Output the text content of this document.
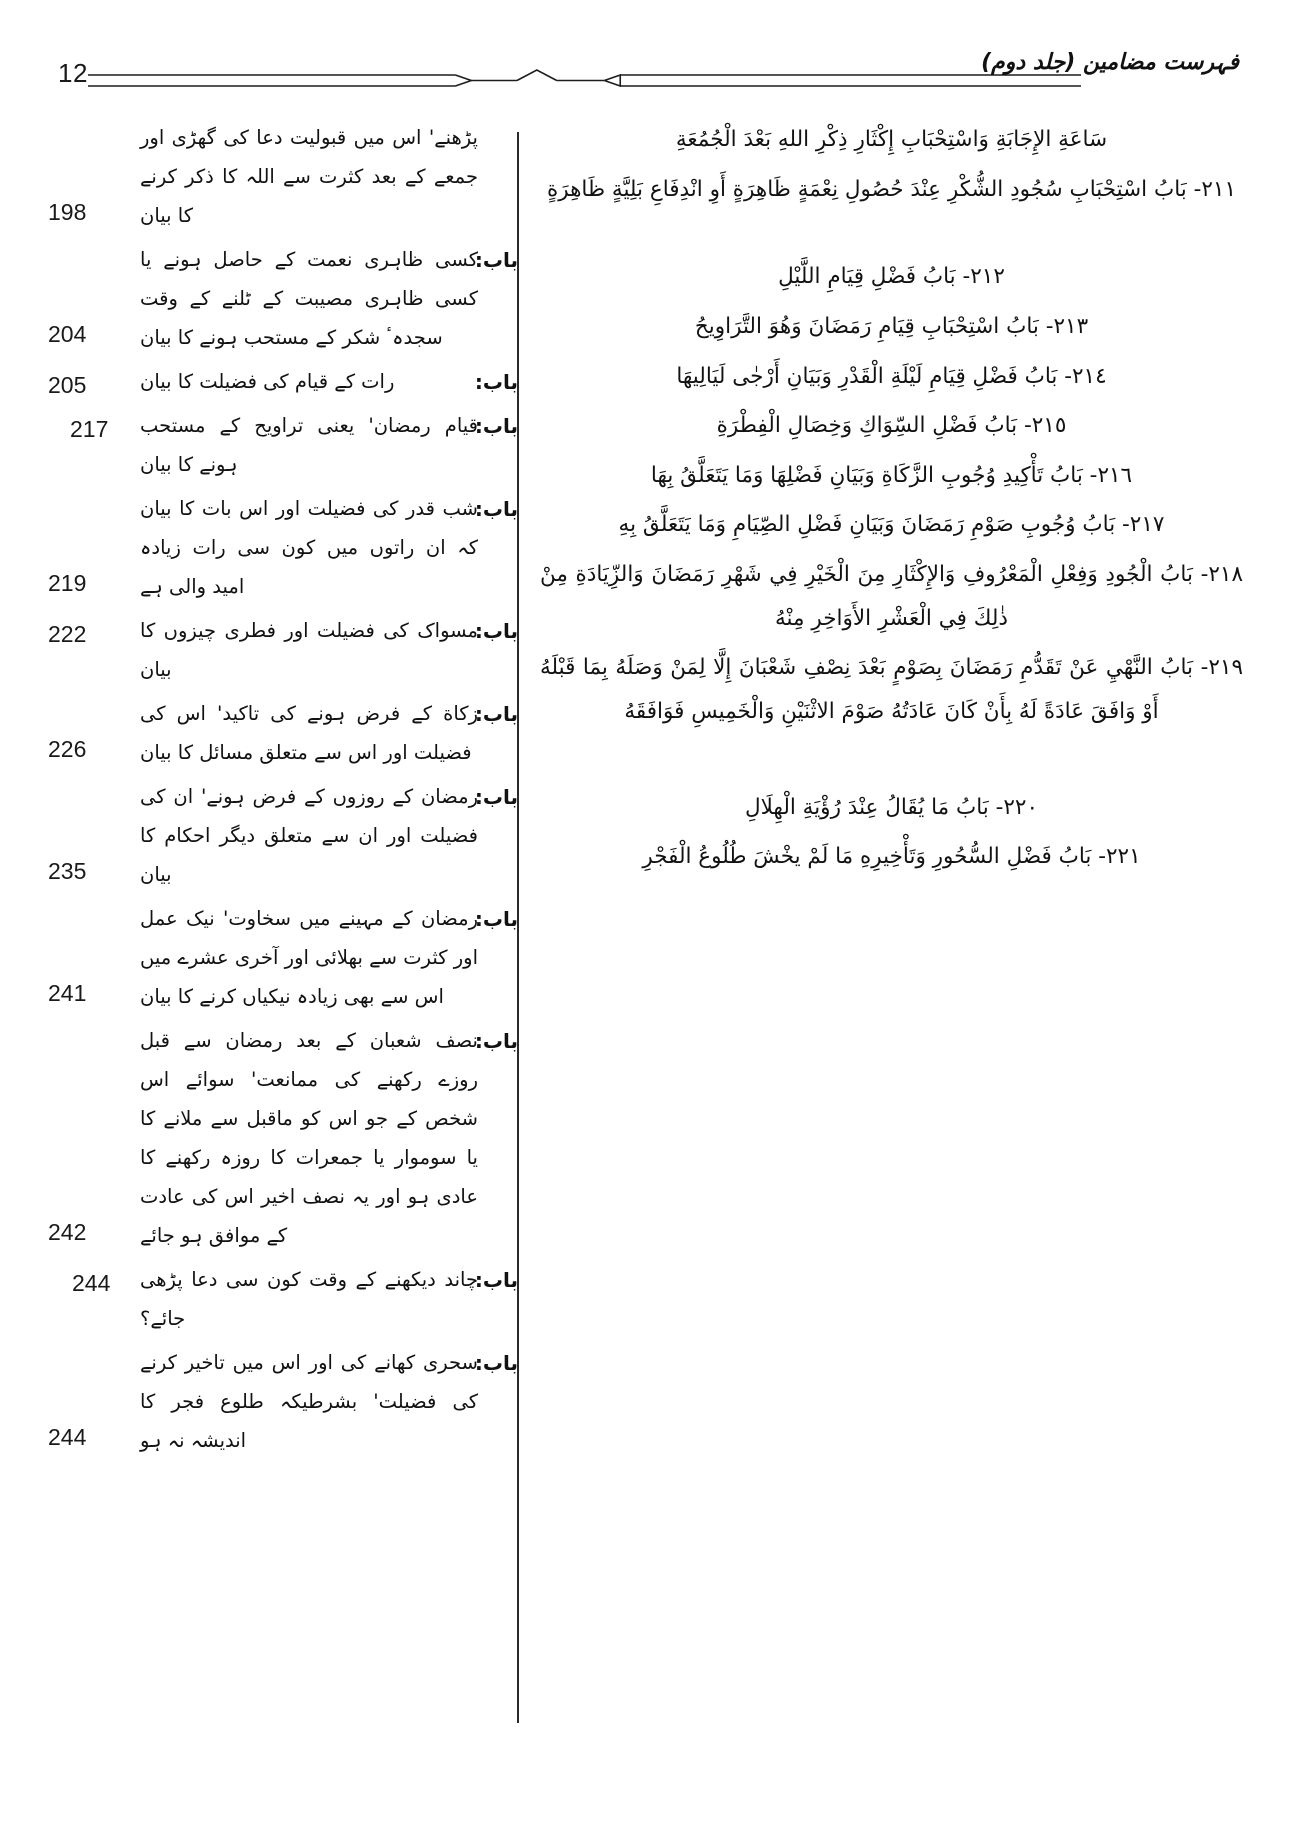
12	فہرست مضامین (جلد دوم)

سَاعَةِ الإِجَابَةِ وَاسْتِحْبَابِ إِكْثَارِ ذِكْرِ اللهِ بَعْدَ الْجُمُعَةِ

٢١١- بَابُ اسْتِحْبَابِ سُجُودِ الشُّكْرِ عِنْدَ حُصُولِ نِعْمَةٍ ظَاهِرَةٍ أَوِ انْدِفَاعِ بَلِيَّةٍ ظَاهِرَةٍ

٢١٢- بَابُ فَضْلِ قِيَامِ اللَّيْلِ

٢١٣- بَابُ اسْتِحْبَابِ قِيَامِ رَمَضَانَ وَهُوَ التَّرَاوِيحُ

٢١٤- بَابُ فَضْلِ قِيَامِ لَيْلَةِ الْقَدْرِ وَبَيَانِ أَرْجٰى لَيَالِيهَا

٢١٥- بَابُ فَضْلِ السِّوَاكِ وَخِصَالِ الْفِطْرَةِ

٢١٦- بَابُ تَأْكِيدِ وُجُوبِ الزَّكَاةِ وَبَيَانِ فَضْلِهَا وَمَا يَتَعَلَّقُ بِهَا

٢١٧- بَابُ وُجُوبِ صَوْمِ رَمَضَانَ وَبَيَانِ فَضْلِ الصِّيَامِ وَمَا يَتَعَلَّقُ بِهِ

٢١٨- بَابُ الْجُودِ وَفِعْلِ الْمَعْرُوفِ وَالإِكْثَارِ مِنَ الْخَيْرِ فِي شَهْرِ رَمَضَانَ وَالزِّيَادَةِ مِنْ ذٰلِكَ فِي الْعَشْرِ الأَوَاخِرِ مِنْهُ

٢١٩- بَابُ النَّهْيِ عَنْ تَقَدُّمِ رَمَضَانَ بِصَوْمٍ بَعْدَ نِصْفِ شَعْبَانَ إِلَّا لِمَنْ وَصَلَهُ بِمَا قَبْلَهُ أَوْ وَافَقَ عَادَةً لَهُ بِأَنْ كَانَ عَادَتُهُ صَوْمَ الاثْنَيْنِ وَالْخَمِيسِ فَوَافَقَهُ

٢٢٠- بَابُ مَا يُقَالُ عِنْدَ رُؤْيَةِ الْهِلَالِ

٢٢١- بَابُ فَضْلِ السُّحُورِ وَتَأْخِيرِهِ مَا لَمْ يخْشَ طُلُوعُ الْفَجْرِ

پڑھنے' اس میں قبولیت دعا کی گھڑی اور جمعے کے بعد کثرت سے اللہ کا ذکر کرنے کا بیان
198
باب:
کسی ظاہری نعمت کے حاصل ہونے یا کسی ظاہری مصیبت کے ٹلنے کے وقت سجدہٴ شکر کے مستحب ہونے کا بیان
204
باب:
رات کے قیام کی فضیلت کا بیان
205
باب:
قیام رمضان' یعنی تراویح کے مستحب ہونے کا بیان
217
باب:
شب قدر کی فضیلت اور اس بات کا بیان کہ ان راتوں میں کون سی رات زیادہ امید والی ہے
219
باب:
مسواک کی فضیلت اور فطری چیزوں کا بیان
222
باب:
زکاة کے فرض ہونے کی تاکید' اس کی فضیلت اور اس سے متعلق مسائل کا بیان
226
باب:
رمضان کے روزوں کے فرض ہونے' ان کی فضیلت اور ان سے متعلق دیگر احکام کا بیان
235
باب:
رمضان کے مہینے میں سخاوت' نیک عمل اور کثرت سے بھلائی اور آخری عشرے میں اس سے بھی زیادہ نیکیاں کرنے کا بیان
241
باب:
نصف شعبان کے بعد رمضان سے قبل روزے رکھنے کی ممانعت' سوائے اس شخص کے جو اس کو ماقبل سے ملانے کا یا سوموار یا جمعرات کا روزہ رکھنے کا عادی ہو اور یہ نصف اخیر اس کی عادت کے موافق ہو جائے
242
باب:
چاند دیکھنے کے وقت کون سی دعا پڑھی جائے؟
244
باب:
سحری کھانے کی اور اس میں تاخیر کرنے کی فضیلت' بشرطیکہ طلوع فجر کا اندیشہ نہ ہو
244
